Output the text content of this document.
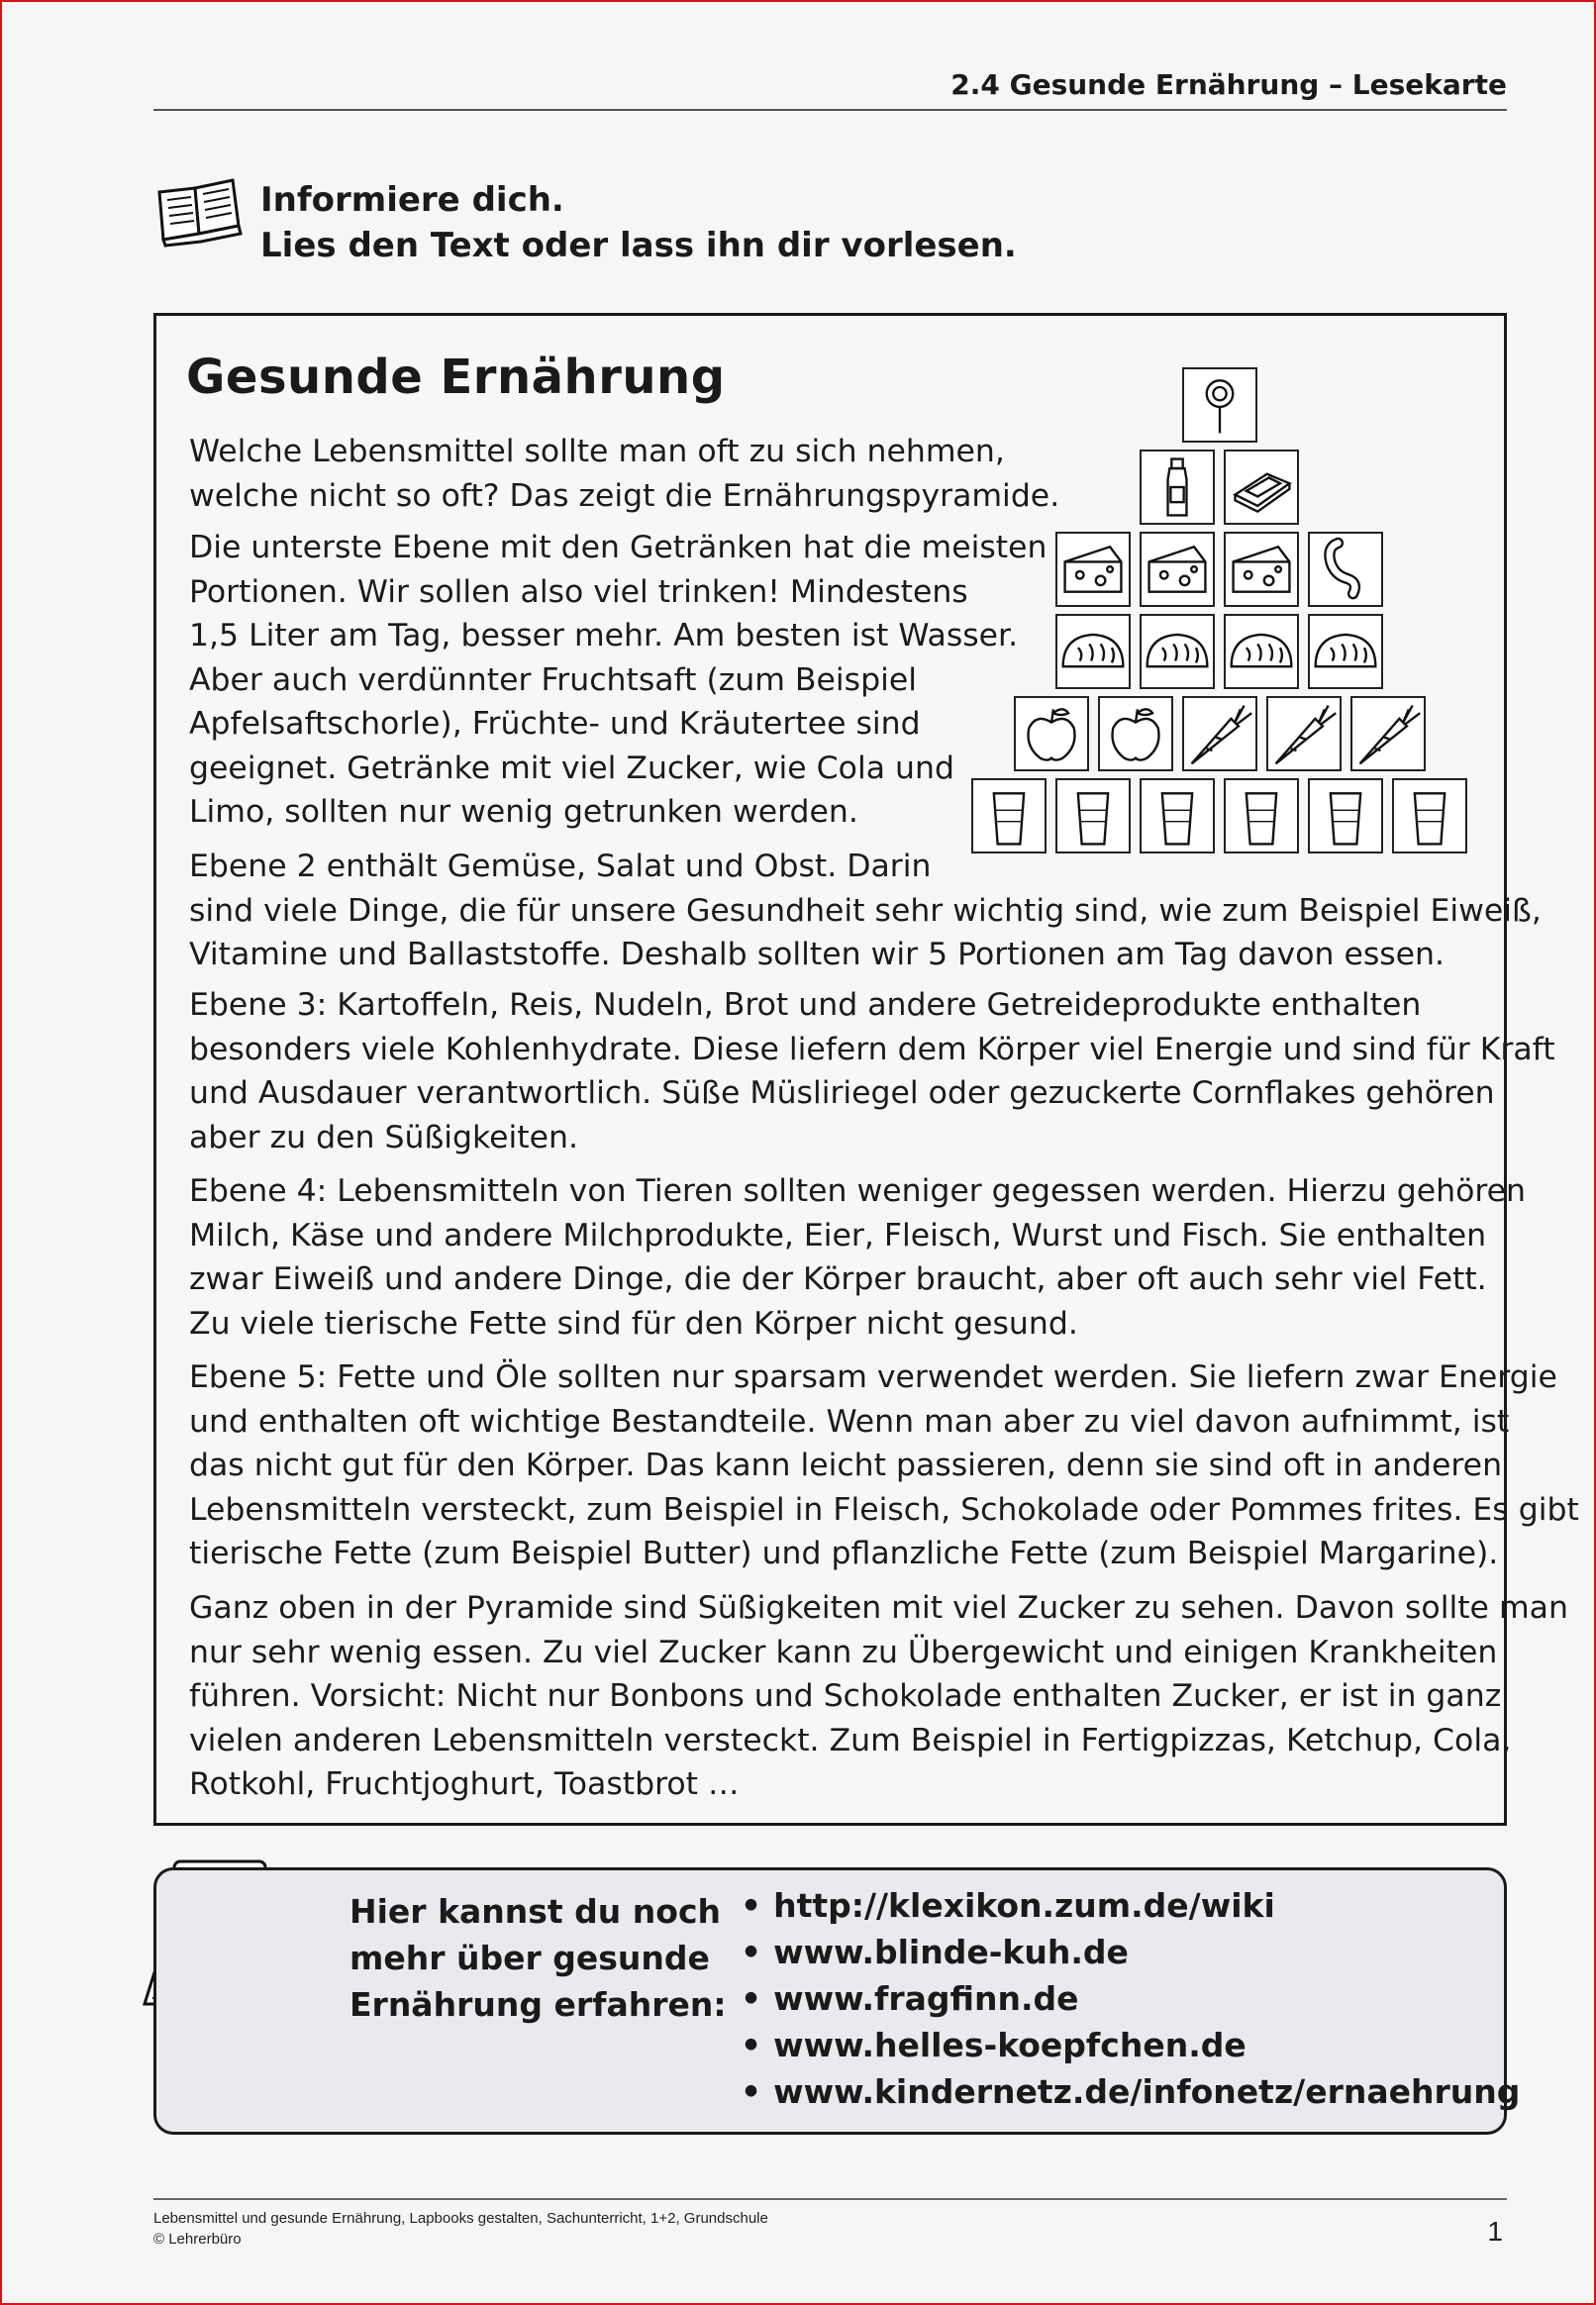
2.4 Gesunde Ernährung – Lesekarte
Informiere dich.
Lies den Text oder lass ihn dir vorlesen.
Gesunde Ernährung
Welche Lebensmittel sollte man oft zu sich nehmen,
welche nicht so oft? Das zeigt die Ernährungspyramide.
Die unterste Ebene mit den Getränken hat die meisten
Portionen. Wir sollen also viel trinken! Mindestens
1,5 Liter am Tag, besser mehr. Am besten ist Wasser.
Aber auch verdünnter Fruchtsaft (zum Beispiel
Apfelsaftschorle), Früchte- und Kräutertee sind
geeignet. Getränke mit viel Zucker, wie Cola und
Limo, sollten nur wenig getrunken werden.
Ebene 2 enthält Gemüse, Salat und Obst. Darin
sind viele Dinge, die für unsere Gesundheit sehr wichtig sind, wie zum Beispiel Eiweiß,
Vitamine und Ballaststoffe. Deshalb sollten wir 5 Portionen am Tag davon essen.
Ebene 3: Kartoffeln, Reis, Nudeln, Brot und andere Getreideprodukte enthalten
besonders viele Kohlenhydrate. Diese liefern dem Körper viel Energie und sind für Kraft
und Ausdauer verantwortlich. Süße Müsliriegel oder gezuckerte Cornflakes gehören
aber zu den Süßigkeiten.
Ebene 4: Lebensmitteln von Tieren sollten weniger gegessen werden. Hierzu gehören
Milch, Käse und andere Milchprodukte, Eier, Fleisch, Wurst und Fisch. Sie enthalten
zwar Eiweiß und andere Dinge, die der Körper braucht, aber oft auch sehr viel Fett.
Zu viele tierische Fette sind für den Körper nicht gesund.
Ebene 5: Fette und Öle sollten nur sparsam verwendet werden. Sie liefern zwar Energie
und enthalten oft wichtige Bestandteile. Wenn man aber zu viel davon aufnimmt, ist
das nicht gut für den Körper. Das kann leicht passieren, denn sie sind oft in anderen
Lebensmitteln versteckt, zum Beispiel in Fleisch, Schokolade oder Pommes frites. Es gibt
tierische Fette (zum Beispiel Butter) und pflanzliche Fette (zum Beispiel Margarine).
Ganz oben in der Pyramide sind Süßigkeiten mit viel Zucker zu sehen. Davon sollte man
nur sehr wenig essen. Zu viel Zucker kann zu Übergewicht und einigen Krankheiten
führen. Vorsicht: Nicht nur Bonbons und Schokolade enthalten Zucker, er ist in ganz
vielen anderen Lebensmitteln versteckt. Zum Beispiel in Fertigpizzas, Ketchup, Cola,
Rotkohl, Fruchtjoghurt, Toastbrot …
Hier kannst du noch
mehr über gesunde
Ernährung erfahren:
• http://klexikon.zum.de/wiki
• www.blinde-kuh.de
• www.fragfinn.de
• www.helles-koepfchen.de
• www.kindernetz.de/infonetz/ernaehrung
Lebensmittel und gesunde Ernährung, Lapbooks gestalten, Sachunterricht, 1+2, Grundschule
© Lehrerbüro	1
